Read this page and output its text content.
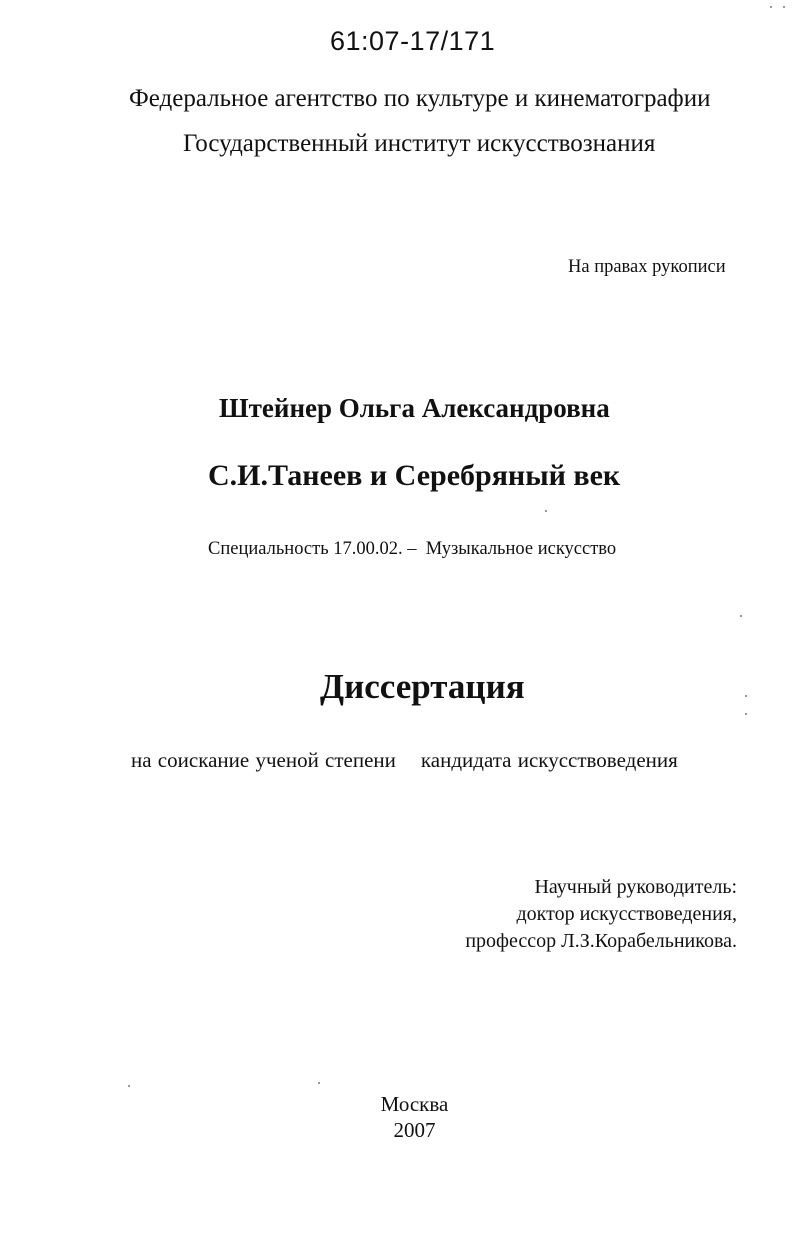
61:07-17/171

Федеральное агентство по культуре и кинематографии

Государственный институт искусствознания

На правах рукописи

Штейнер Ольга Александровна

С.И.Танеев и Серебряный век

Специальность 17.00.02. –  Музыкальное искусство

Диссертация

на соискание ученой степени    кандидата искусствоведения

Научный руководитель:
доктор искусствоведения,
профессор Л.З.Корабельникова.
Москва
2007
